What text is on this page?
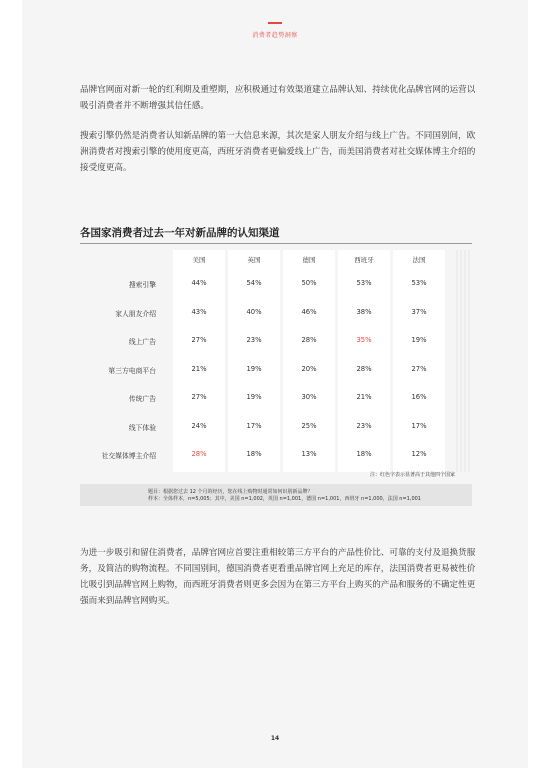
消费者趋势洞察
品牌官网面对新一轮的红利期及重塑期，应积极通过有效渠道建立品牌认知、持续优化品牌官网的运营以吸引消费者并不断增强其信任感。
搜索引擎仍然是消费者认知新品牌的第一大信息来源，其次是家人朋友介绍与线上广告。不同国别间，欧洲消费者对搜索引擎的使用度更高，西班牙消费者更偏爱线上广告，而美国消费者对社交媒体博主介绍的接受度更高。
各国家消费者过去一年对新品牌的认知渠道
美国	英国	德国	西班牙	法国
搜索引擎	44%	54%	50%	53%	53%
家人朋友介绍	43%	40%	46%	38%	37%
线上广告	27%	23%	28%	35%	19%
第三方电商平台	21%	19%	20%	28%	27%
传统广告	27%	19%	30%	21%	16%
线下体验	24%	17%	25%	23%	17%
社交媒体博主介绍	28%	18%	13%	18%	12%
注：红色字表示显著高于其他四个国家
题目：根据您过去 12 个月的经历，您在线上购物时通常如何识别新品牌？
样本：全体样本，n=5,005；其中，美国 n=1,002，英国 n=1,001，德国 n=1,001，西班牙 n=1,000，法国 n=1,001
为进一步吸引和留住消费者，品牌官网应首要注重相较第三方平台的产品性价比、可靠的支付及退换货服务，及简洁的购物流程。不同国别间，德国消费者更看重品牌官网上充足的库存，法国消费者更易被性价比吸引到品牌官网上购物，而西班牙消费者则更多会因为在第三方平台上购买的产品和服务的不确定性更强而来到品牌官网购买。
14
